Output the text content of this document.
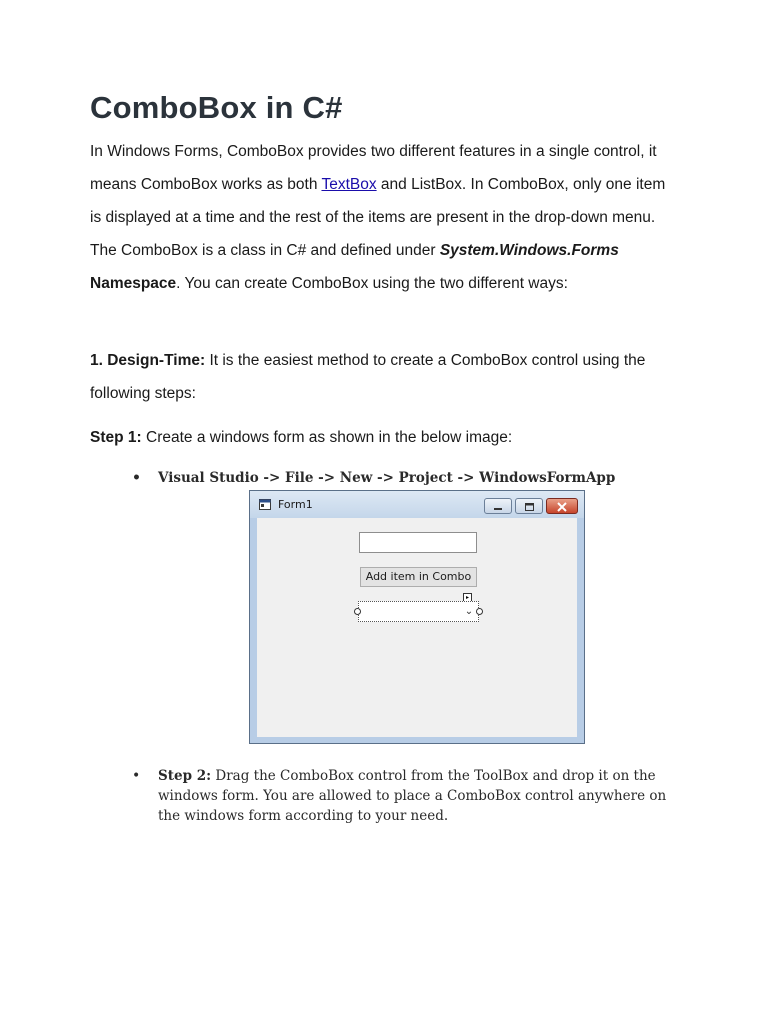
ComboBox in C#

In Windows Forms, ComboBox provides two different features in a single control, it means ComboBox works as both TextBox and ListBox. In ComboBox, only one item is displayed at a time and the rest of the items are present in the drop-down menu. The ComboBox is a class in C# and defined under System.Windows.Forms Namespace. You can create ComboBox using the two different ways:

1. Design-Time: It is the easiest method to create a ComboBox control using the following steps:

Step 1: Create a windows form as shown in the below image:

• Visual Studio -> File -> New -> Project -> WindowsFormApp
Form1
Add item in Combo
▸
⌄
• Step 2: Drag the ComboBox control from the ToolBox and drop it on the windows form. You are allowed to place a ComboBox control anywhere on the windows form according to your need.
